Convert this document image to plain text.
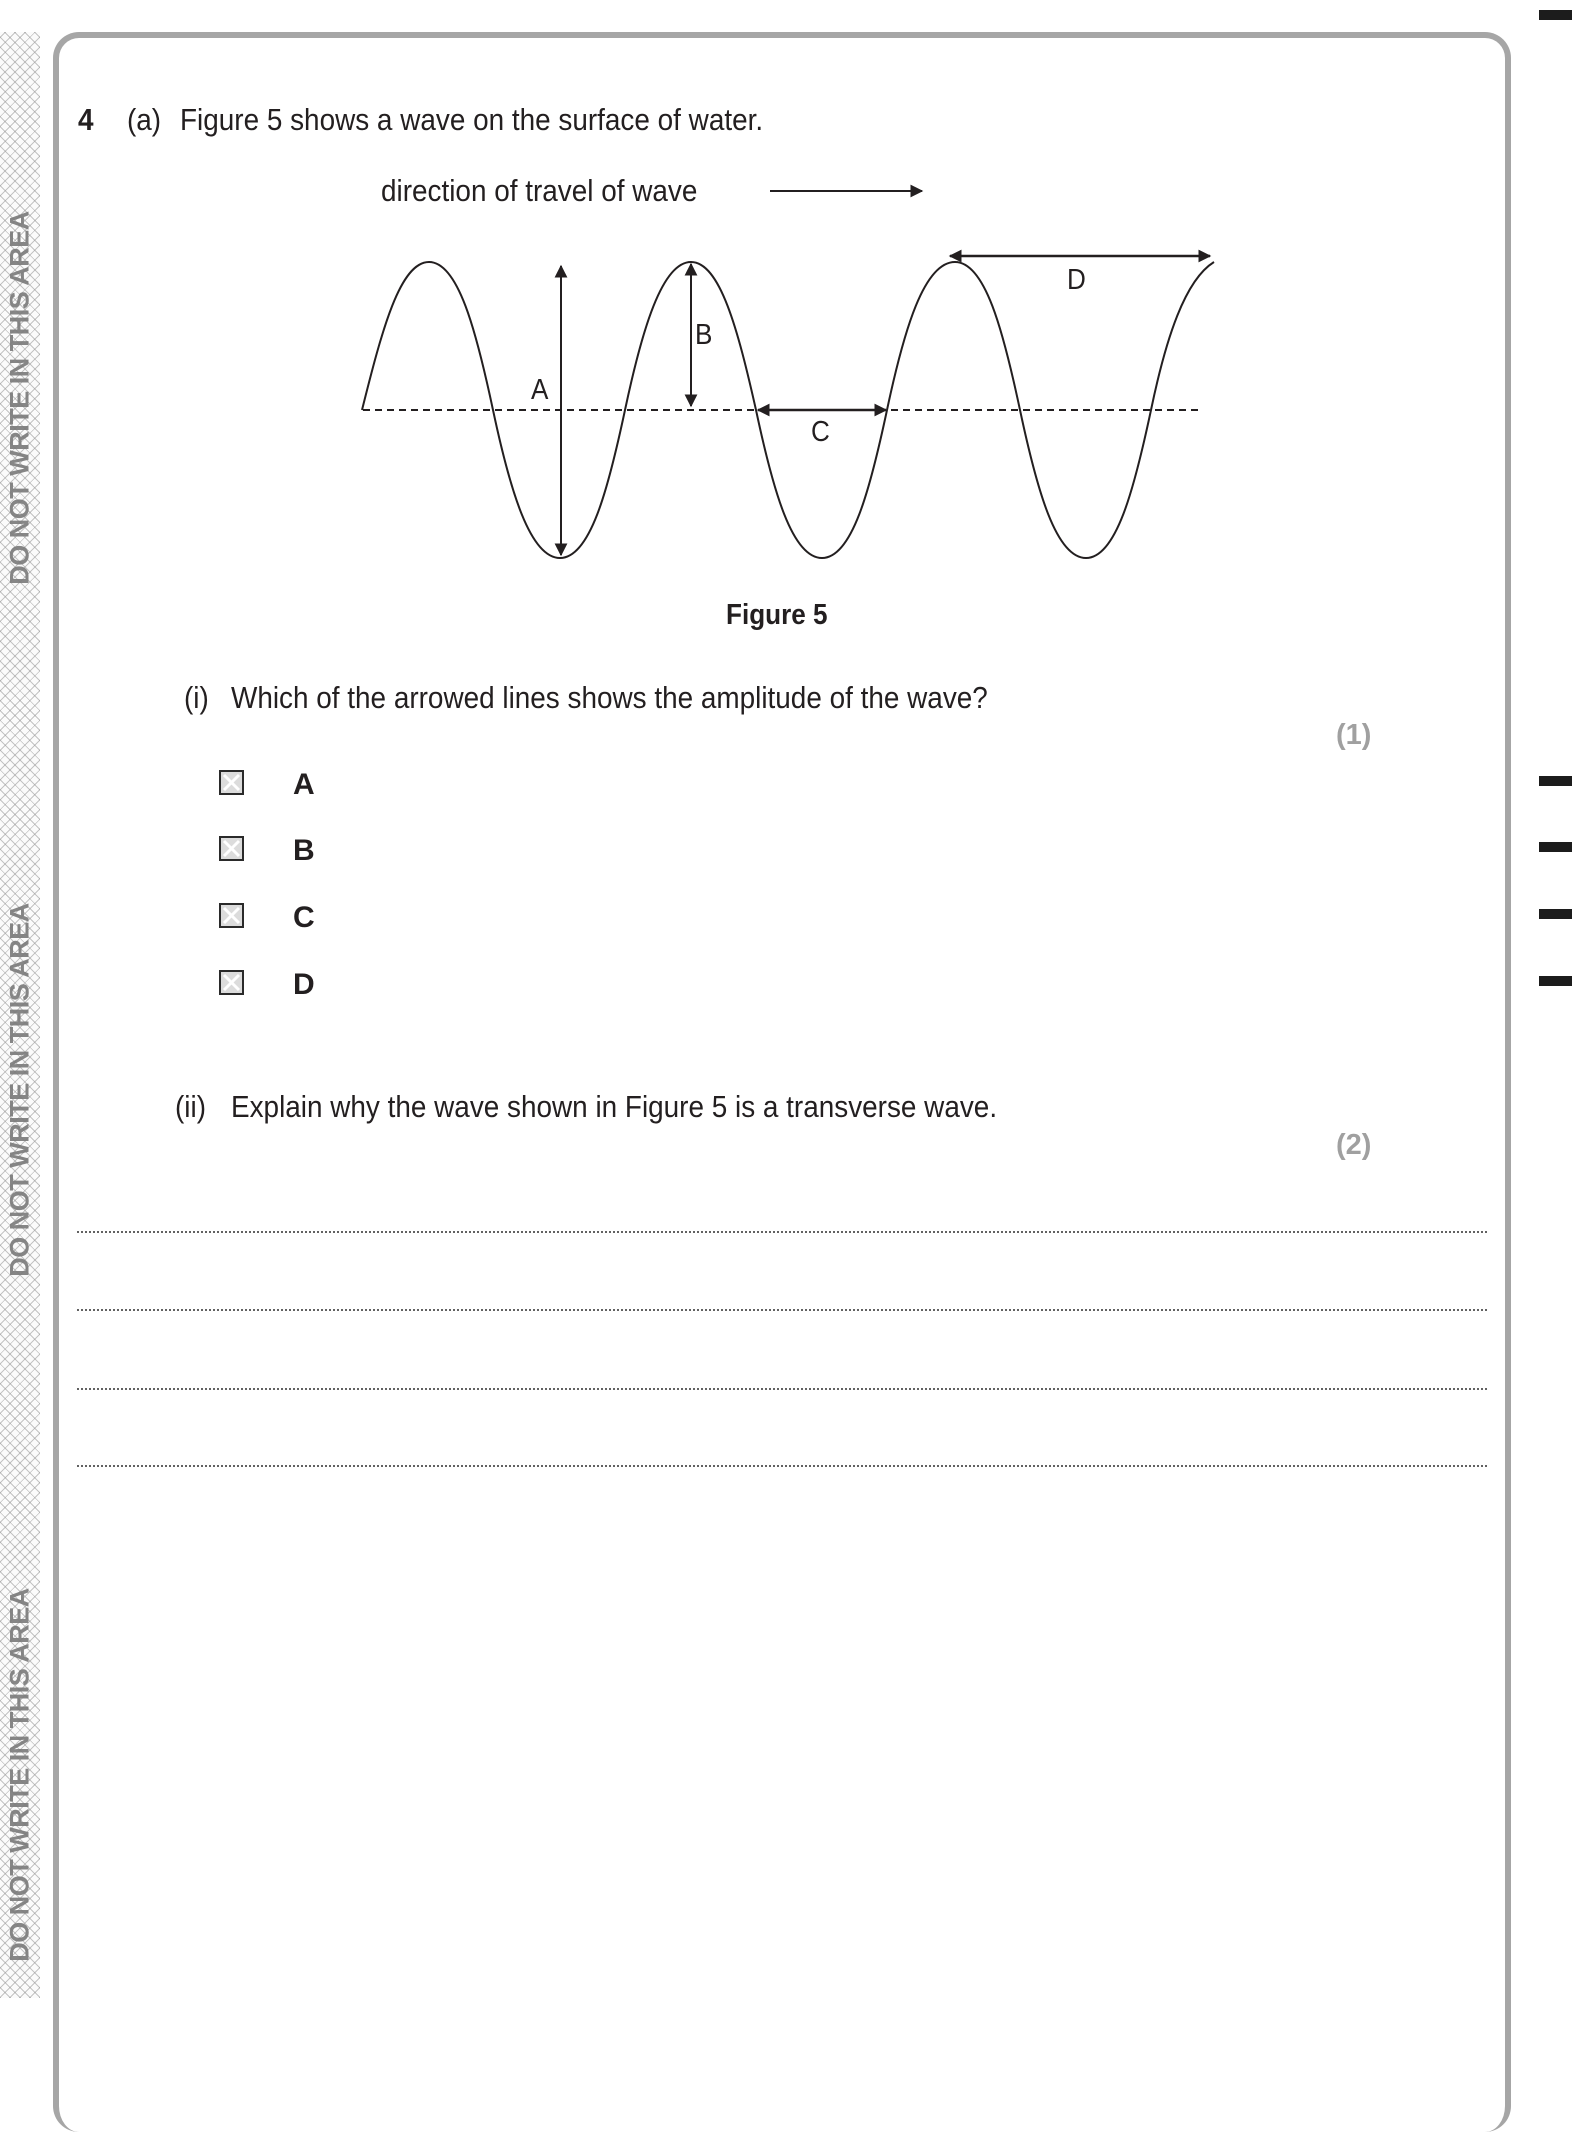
DO NOT WRITE IN THIS AREA
DO NOT WRITE IN THIS AREA
DO NOT WRITE IN THIS AREA
4 (a) Figure 5 shows a wave on the surface of water.
direction of travel of wave
A
B
C
D
Figure 5
(i) Which of the arrowed lines shows the amplitude of the wave?
(1)
A
B
C
D
(ii) Explain why the wave shown in Figure 5 is a transverse wave.
(2)
